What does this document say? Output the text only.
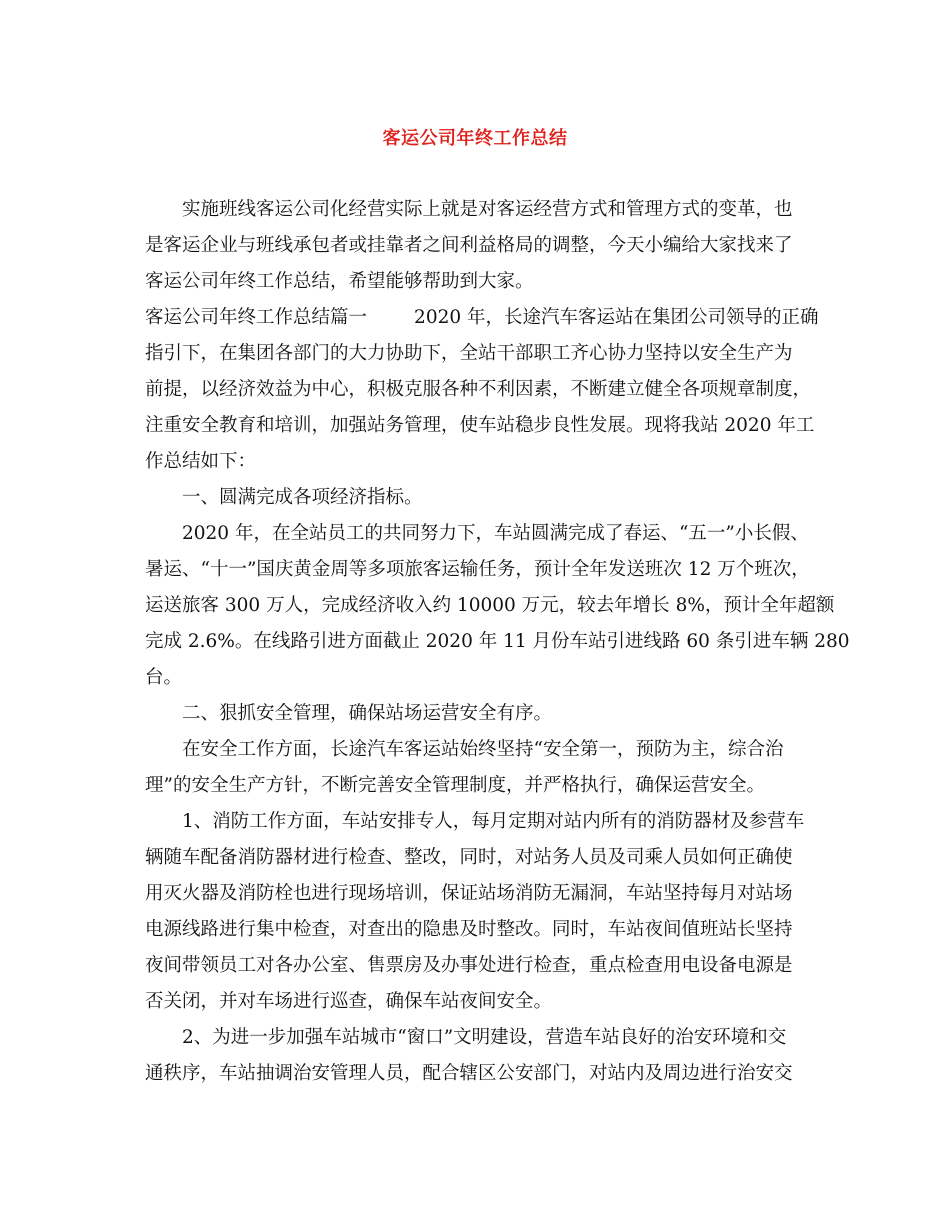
客运公司年终工作总结
实施班线客运公司化经营实际上就是对客运经营方式和管理方式的变革，也
是客运企业与班线承包者或挂靠者之间利益格局的调整，今天小编给大家找来了
客运公司年终工作总结，希望能够帮助到大家。
客运公司年终工作总结篇一        2020 年，长途汽车客运站在集团公司领导的正确
指引下，在集团各部门的大力协助下，全站干部职工齐心协力坚持以安全生产为
前提，以经济效益为中心，积极克服各种不利因素，不断建立健全各项规章制度，
注重安全教育和培训，加强站务管理，使车站稳步良性发展。现将我站 2020 年工
作总结如下：
一、圆满完成各项经济指标。
2020 年，在全站员工的共同努力下，车站圆满完成了春运、“五一”小长假、
暑运、“十一”国庆黄金周等多项旅客运输任务，预计全年发送班次 12 万个班次，
运送旅客 300 万人，完成经济收入约 10000 万元，较去年增长 8%，预计全年超额
完成 2.6%。在线路引进方面截止 2020 年 11 月份车站引进线路 60 条引进车辆 280
台。
二、狠抓安全管理，确保站场运营安全有序。
在安全工作方面，长途汽车客运站始终坚持“安全第一，预防为主，综合治
理”的安全生产方针，不断完善安全管理制度，并严格执行，确保运营安全。
1、消防工作方面，车站安排专人，每月定期对站内所有的消防器材及参营车
辆随车配备消防器材进行检查、整改，同时，对站务人员及司乘人员如何正确使
用灭火器及消防栓也进行现场培训，保证站场消防无漏洞，车站坚持每月对站场
电源线路进行集中检查，对查出的隐患及时整改。同时，车站夜间值班站长坚持
夜间带领员工对各办公室、售票房及办事处进行检查，重点检查用电设备电源是
否关闭，并对车场进行巡查，确保车站夜间安全。
2、为进一步加强车站城市“窗口”文明建设，营造车站良好的治安环境和交
通秩序，车站抽调治安管理人员，配合辖区公安部门，对站内及周边进行治安交
